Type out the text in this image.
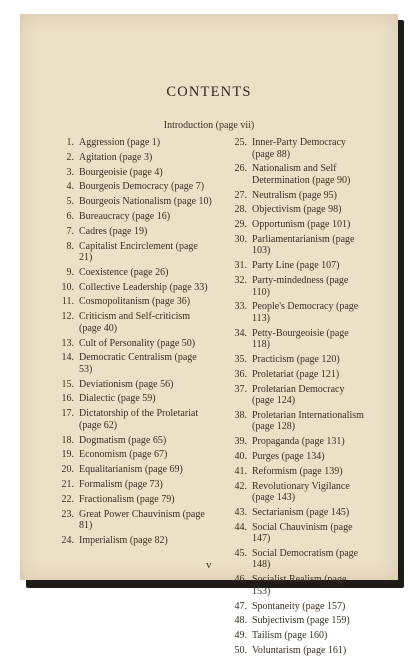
CONTENTS
Introduction (page vii)
1. Aggression (page 1)
2. Agitation (page 3)
3. Bourgeoisie (page 4)
4. Bourgeois Democracy (page 7)
5. Bourgeois Nationalism (page 10)
6. Bureaucracy (page 16)
7. Cadres (page 19)
8. Capitalist Encirclement (page 21)
9. Coexistence (page 26)
10. Collective Leadership (page 33)
11. Cosmopolitanism (page 36)
12. Criticism and Self-criticism (page 40)
13. Cult of Personality (page 50)
14. Democratic Centralism (page 53)
15. Deviationism (page 56)
16. Dialectic (page 59)
17. Dictatorship of the Proletariat (page 62)
18. Dogmatism (page 65)
19. Economism (page 67)
20. Equalitarianism (page 69)
21. Formalism (page 73)
22. Fractionalism (page 79)
23. Great Power Chauvinism (page 81)
24. Imperialism (page 82)
25. Inner-Party Democracy (page 88)
26. Nationalism and Self Determination (page 90)
27. Neutralism (page 95)
28. Objectivism (page 98)
29. Opportunism (page 101)
30. Parliamentarianism (page 103)
31. Party Line (page 107)
32. Party-mindedness (page 110)
33. People's Democracy (page 113)
34. Petty-Bourgeoisie (page 118)
35. Practicism (page 120)
36. Proletariat (page 121)
37. Proletarian Democracy (page 124)
38. Proletarian Internationalism (page 128)
39. Propaganda (page 131)
40. Purges (page 134)
41. Reformism (page 139)
42. Revolutionary Vigilance (page 143)
43. Sectarianism (page 145)
44. Social Chauvinism (page 147)
45. Social Democratism (page 148)
46. Socialist Realism (page 153)
47. Spontaneity (page 157)
48. Subjectivism (page 159)
49. Tailism (page 160)
50. Voluntarism (page 161)
v
